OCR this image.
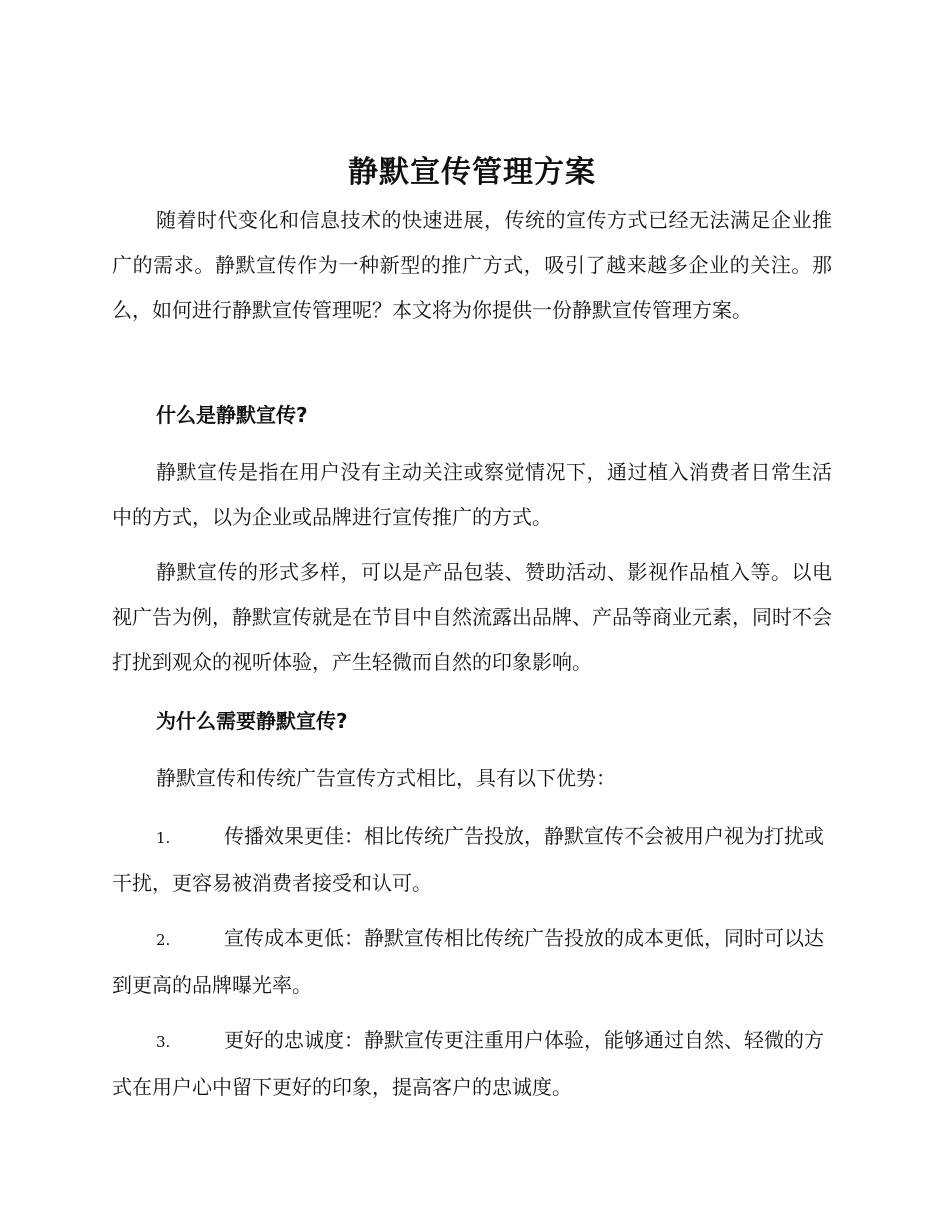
静默宣传管理方案

随着时代变化和信息技术的快速进展，传统的宣传方式已经无法满足企业推广的需求。静默宣传作为一种新型的推广方式，吸引了越来越多企业的关注。那么，如何进行静默宣传管理呢？本文将为你提供一份静默宣传管理方案。

什么是静默宣传?

静默宣传是指在用户没有主动关注或察觉情况下，通过植入消费者日常生活中的方式，以为企业或品牌进行宣传推广的方式。

静默宣传的形式多样，可以是产品包装、赞助活动、影视作品植入等。以电视广告为例，静默宣传就是在节目中自然流露出品牌、产品等商业元素，同时不会打扰到观众的视听体验，产生轻微而自然的印象影响。

为什么需要静默宣传?

静默宣传和传统广告宣传方式相比，具有以下优势：

1.	传播效果更佳：相比传统广告投放，静默宣传不会被用户视为打扰或干扰，更容易被消费者接受和认可。

2.	宣传成本更低：静默宣传相比传统广告投放的成本更低，同时可以达到更高的品牌曝光率。

3.	更好的忠诚度：静默宣传更注重用户体验，能够通过自然、轻微的方式在用户心中留下更好的印象，提高客户的忠诚度。
